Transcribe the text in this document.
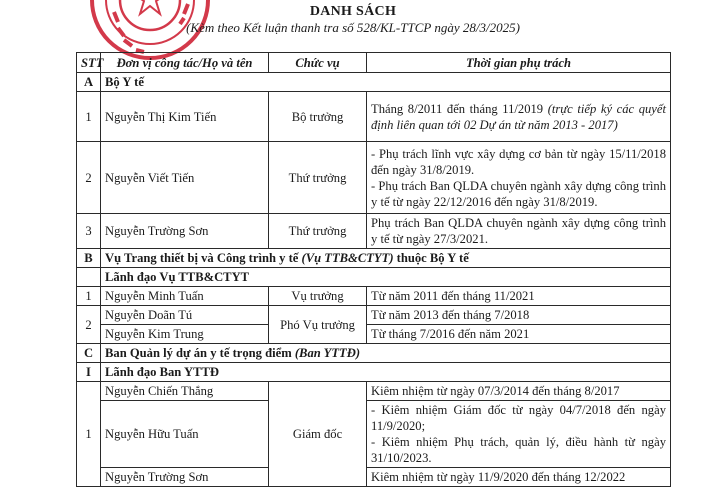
DANH SÁCH
(Kèm theo Kết luận thanh tra số 528/KL-TTCP ngày 28/3/2025)
STT	Đơn vị công tác/Họ và tên	Chức vụ	Thời gian phụ trách
A	Bộ Y tế		
1	Nguyễn Thị Kim Tiến	Bộ trưởng	Tháng 8/2011 đến tháng 11/2019 (trực tiếp ký các quyết định liên quan tới 02 Dự án từ năm 2013 - 2017)
2	Nguyễn Viết Tiến	Thứ trưởng	- Phụ trách lĩnh vực xây dựng cơ bản từ ngày 15/11/2018 đến ngày 31/8/2019.

- Phụ trách Ban QLDA chuyên ngành xây dựng công trình y tế từ ngày 22/12/2016 đến ngày 31/8/2019.

3	Nguyễn Trường Sơn	Thứ trưởng	Phụ trách Ban QLDA chuyên ngành xây dựng công trình y tế từ ngày 27/3/2021.
B	Vụ Trang thiết bị và Công trình y tế (Vụ TTB&CTYT) thuộc Bộ Y tế		
	Lãnh đạo Vụ TTB&CTYT		
1	Nguyễn Minh Tuấn	Vụ trưởng	Từ năm 2011 đến tháng 11/2021
2	Nguyễn Doãn Tú	Phó Vụ trưởng	Từ năm 2013 đến tháng 7/2018
	Nguyễn Kim Trung		Từ tháng 7/2016 đến năm 2021
C	Ban Quản lý dự án y tế trọng điểm (Ban YTTĐ)		
I	Lãnh đạo Ban YTTĐ		
1	Nguyễn Chiến Thắng	Giám đốc	Kiêm nhiệm từ ngày 07/3/2014 đến tháng 8/2017
	Nguyễn Hữu Tuấn		- Kiêm nhiệm Giám đốc từ ngày 04/7/2018 đến ngày 11/9/2020;

- Kiêm nhiệm Phụ trách, quản lý, điều hành từ ngày 31/10/2023.

	Nguyễn Trường Sơn		Kiêm nhiệm từ ngày 11/9/2020 đến tháng 12/2022
